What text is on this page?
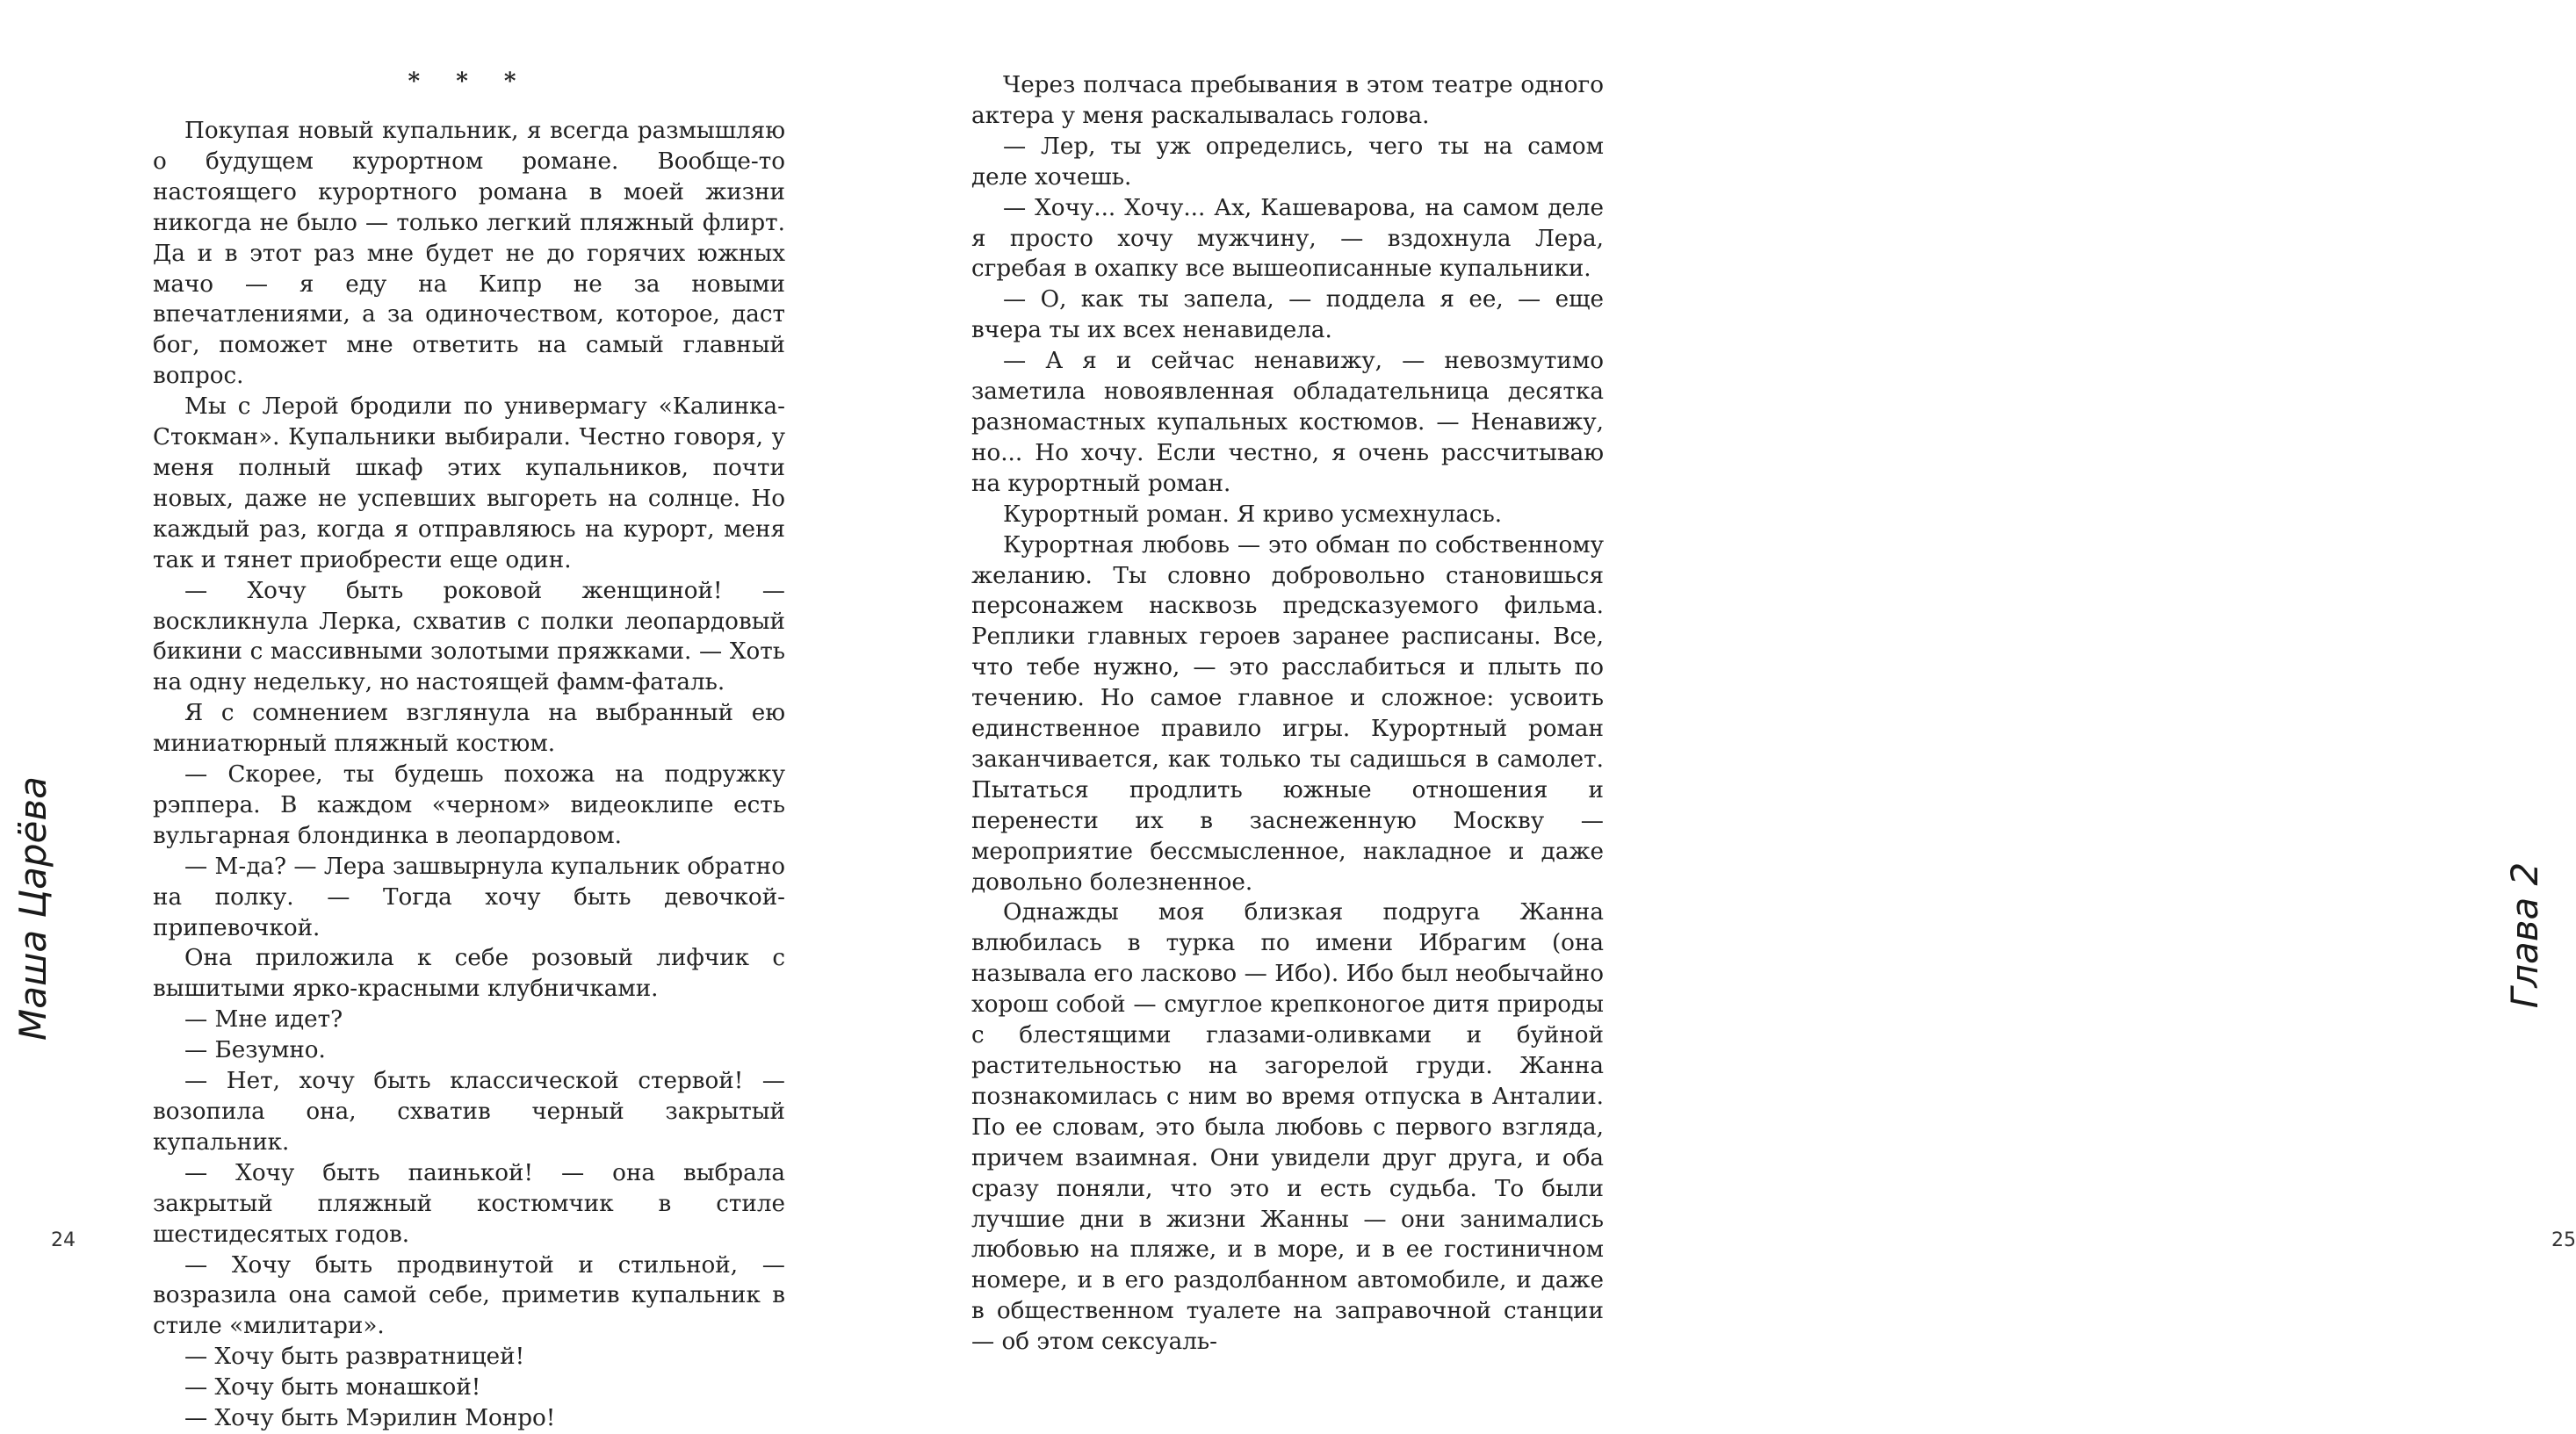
* * *

Покупая новый купальник, я всегда размышляю о будущем курортном романе. Вообще-то настоящего курортного романа в моей жизни никогда не было — только легкий пляжный флирт. Да и в этот раз мне будет не до горячих южных мачо — я еду на Кипр не за новыми впечатлениями, а за одиночеством, которое, даст бог, поможет мне ответить на самый главный вопрос.

Мы с Лерой бродили по универмагу «Калинка-Стокман». Купальники выбирали. Честно говоря, у меня полный шкаф этих купальников, почти новых, даже не успевших выгореть на солнце. Но каждый раз, когда я отправляюсь на курорт, меня так и тянет приобрести еще один.

— Хочу быть роковой женщиной! — воскликнула Лерка, схватив с полки леопардовый бикини с массивными золотыми пряжками. — Хоть на одну недельку, но настоящей фамм-фаталь.

Я с сомнением взглянула на выбранный ею миниатюрный пляжный костюм.

— Скорее, ты будешь похожа на подружку рэппера. В каждом «черном» видеоклипе есть вульгарная блондинка в леопардовом.

— М-да? — Лера зашвырнула купальник обратно на полку. — Тогда хочу быть девочкой-припевочкой.

Она приложила к себе розовый лифчик с вышитыми ярко-красными клубничками.

— Мне идет?

— Безумно.

— Нет, хочу быть классической стервой! — возопила она, схватив черный закрытый купальник.

— Хочу быть паинькой! — она выбрала закрытый пляжный костюмчик в стиле шестидесятых годов.

— Хочу быть продвинутой и стильной, — возразила она самой себе, приметив купальник в стиле «милитари».

— Хочу быть развратницей!

— Хочу быть монашкой!

— Хочу быть Мэрилин Монро!

Маша Царёва
24

Через полчаса пребывания в этом театре одного актера у меня раскалывалась голова.

— Лер, ты уж определись, чего ты на самом деле хочешь.

— Хочу... Хочу... Ах, Кашеварова, на самом деле я просто хочу мужчину, — вздохнула Лера, сгребая в охапку все вышеописанные купальники.

— О, как ты запела, — поддела я ее, — еще вчера ты их всех ненавидела.

— А я и сейчас ненавижу, — невозмутимо заметила новоявленная обладательница десятка разномастных купальных костюмов. — Ненавижу, но... Но хочу. Если честно, я очень рассчитываю на курортный роман.

Курортный роман. Я криво усмехнулась.

Курортная любовь — это обман по собственному желанию. Ты словно добровольно становишься персонажем насквозь предсказуемого фильма. Реплики главных героев заранее расписаны. Все, что тебе нужно, — это расслабиться и плыть по течению. Но самое главное и сложное: усвоить единственное правило игры. Курортный роман заканчивается, как только ты садишься в самолет. Пытаться продлить южные отношения и перенести их в заснеженную Москву — мероприятие бессмысленное, накладное и даже довольно болезненное.

Однажды моя близкая подруга Жанна влюбилась в турка по имени Ибрагим (она называла его ласково — Ибо). Ибо был необычайно хорош собой — смуглое крепконогое дитя природы с блестящими глазами-оливками и буйной растительностью на загорелой груди. Жанна познакомилась с ним во время отпуска в Анталии. По ее словам, это была любовь с первого взгляда, причем взаимная. Они увидели друг друга, и оба сразу поняли, что это и есть судьба. То были лучшие дни в жизни Жанны — они занимались любовью на пляже, и в море, и в ее гостиничном номере, и в его раздолбанном автомобиле, и даже в общественном туалете на заправочной станции — об этом сексуаль-

Глава 2
25
